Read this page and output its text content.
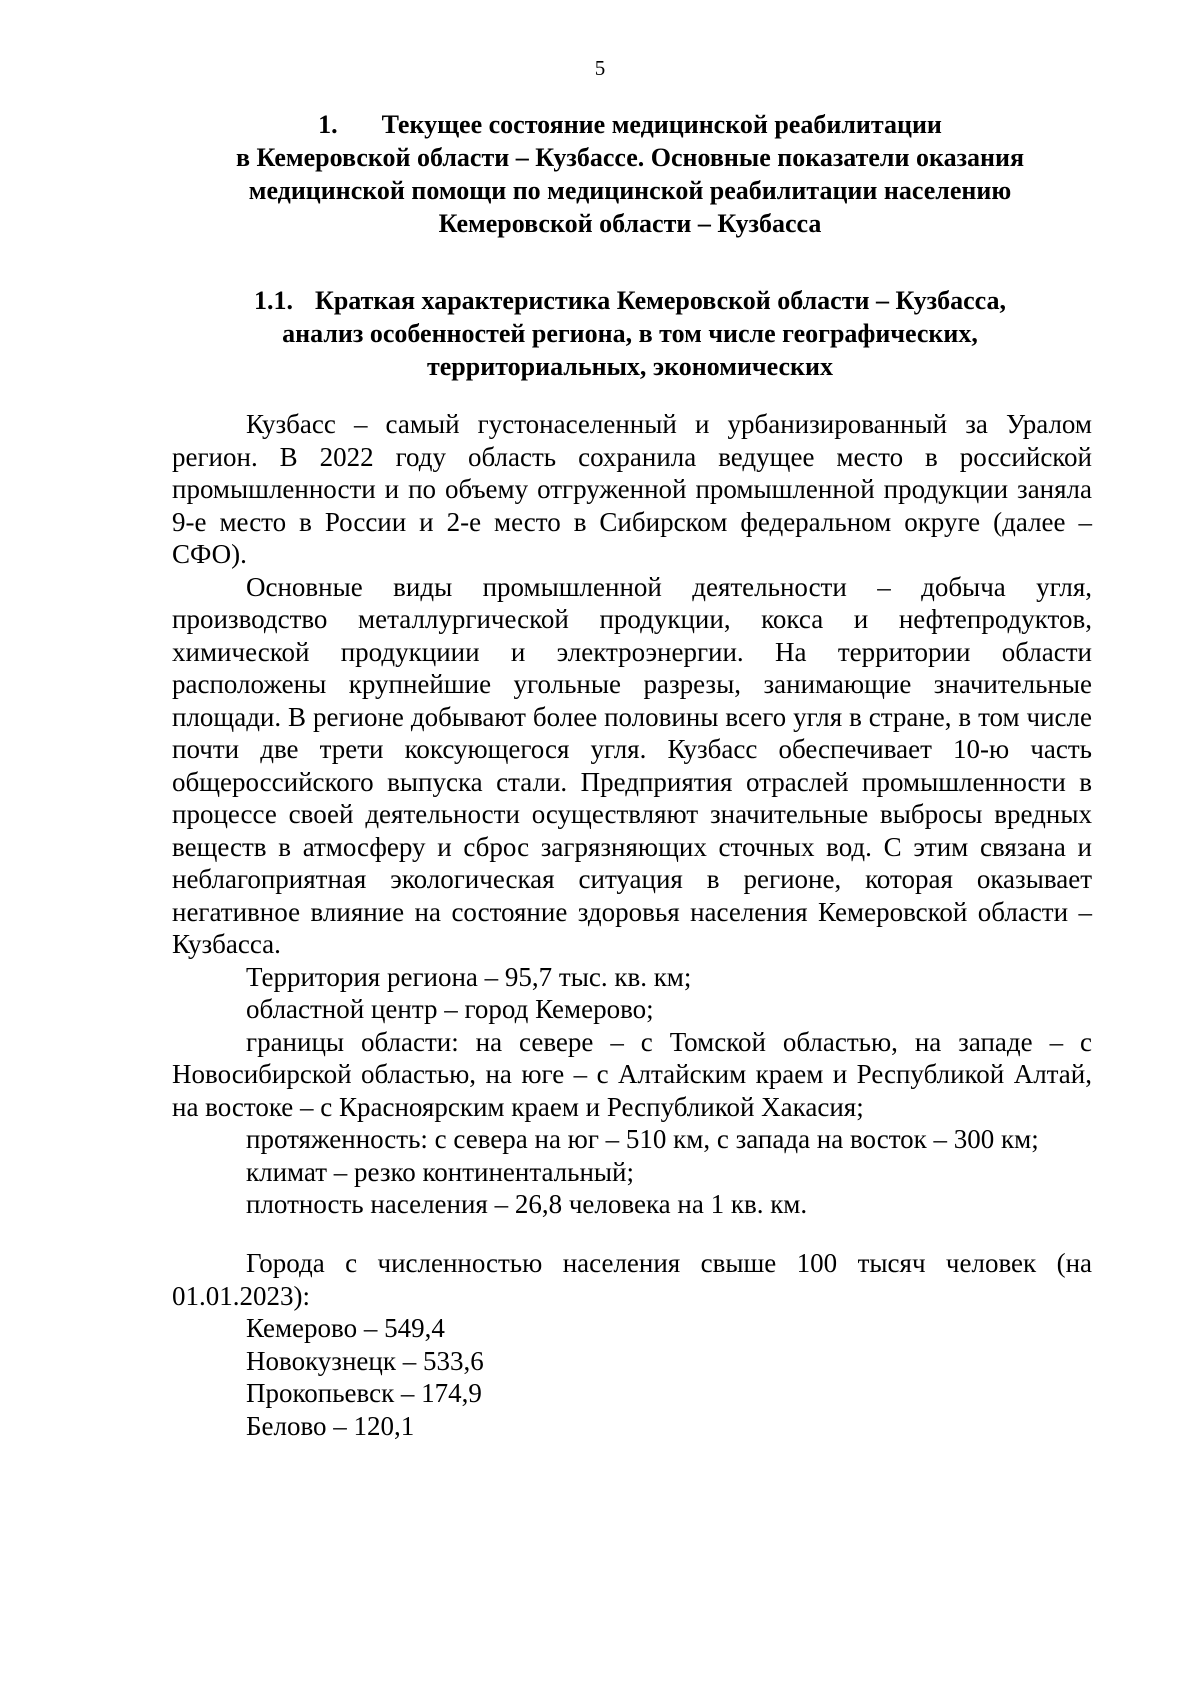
5
1. Текущее состояние медицинской реабилитации
в Кемеровской области – Кузбассе. Основные показатели оказания
медицинской помощи по медицинской реабилитации населению
Кемеровской области – Кузбасса
1.1. Краткая характеристика Кемеровской области – Кузбасса,
анализ особенностей региона, в том числе географических,
территориальных, экономических

Кузбасс – самый густонаселенный и урбанизированный за Уралом регион. В 2022 году область сохранила ведущее место в российской промышленности и по объему отгруженной промышленной продукции заняла 9-е место в России и 2-е место в Сибирском федеральном округе (далее – СФО).

Основные виды промышленной деятельности – добыча угля, производство металлургической продукции, кокса и нефтепродуктов, химической продукциии и электроэнергии. На территории области расположены крупнейшие угольные разрезы, занимающие значительные площади. В регионе добывают более половины всего угля в стране, в том числе почти две трети коксующегося угля. Кузбасс обеспечивает 10-ю часть общероссийского выпуска стали. Предприятия отраслей промышленности в процессе своей деятельности осуществляют значительные выбросы вредных веществ в атмосферу и сброс загрязняющих сточных вод. С этим связана и неблагоприятная экологическая ситуация в регионе, которая оказывает негативное влияние на состояние здоровья населения Кемеровской области – Кузбасса.

Территория региона – 95,7 тыс. кв. км;

областной центр – город Кемерово;

границы области: на севере – с Томской областью, на западе – с Новосибирской областью, на юге – с Алтайским краем и Республикой Алтай, на востоке – с Красноярским краем и Республикой Хакасия;

протяженность: с севера на юг – 510 км, с запада на восток – 300 км;

климат – резко континентальный;

плотность населения – 26,8 человека на 1 кв. км.

Города с численностью населения свыше 100 тысяч человек (на 01.01.2023):

Кемерово – 549,4

Новокузнецк – 533,6

Прокопьевск – 174,9

Белово – 120,1
